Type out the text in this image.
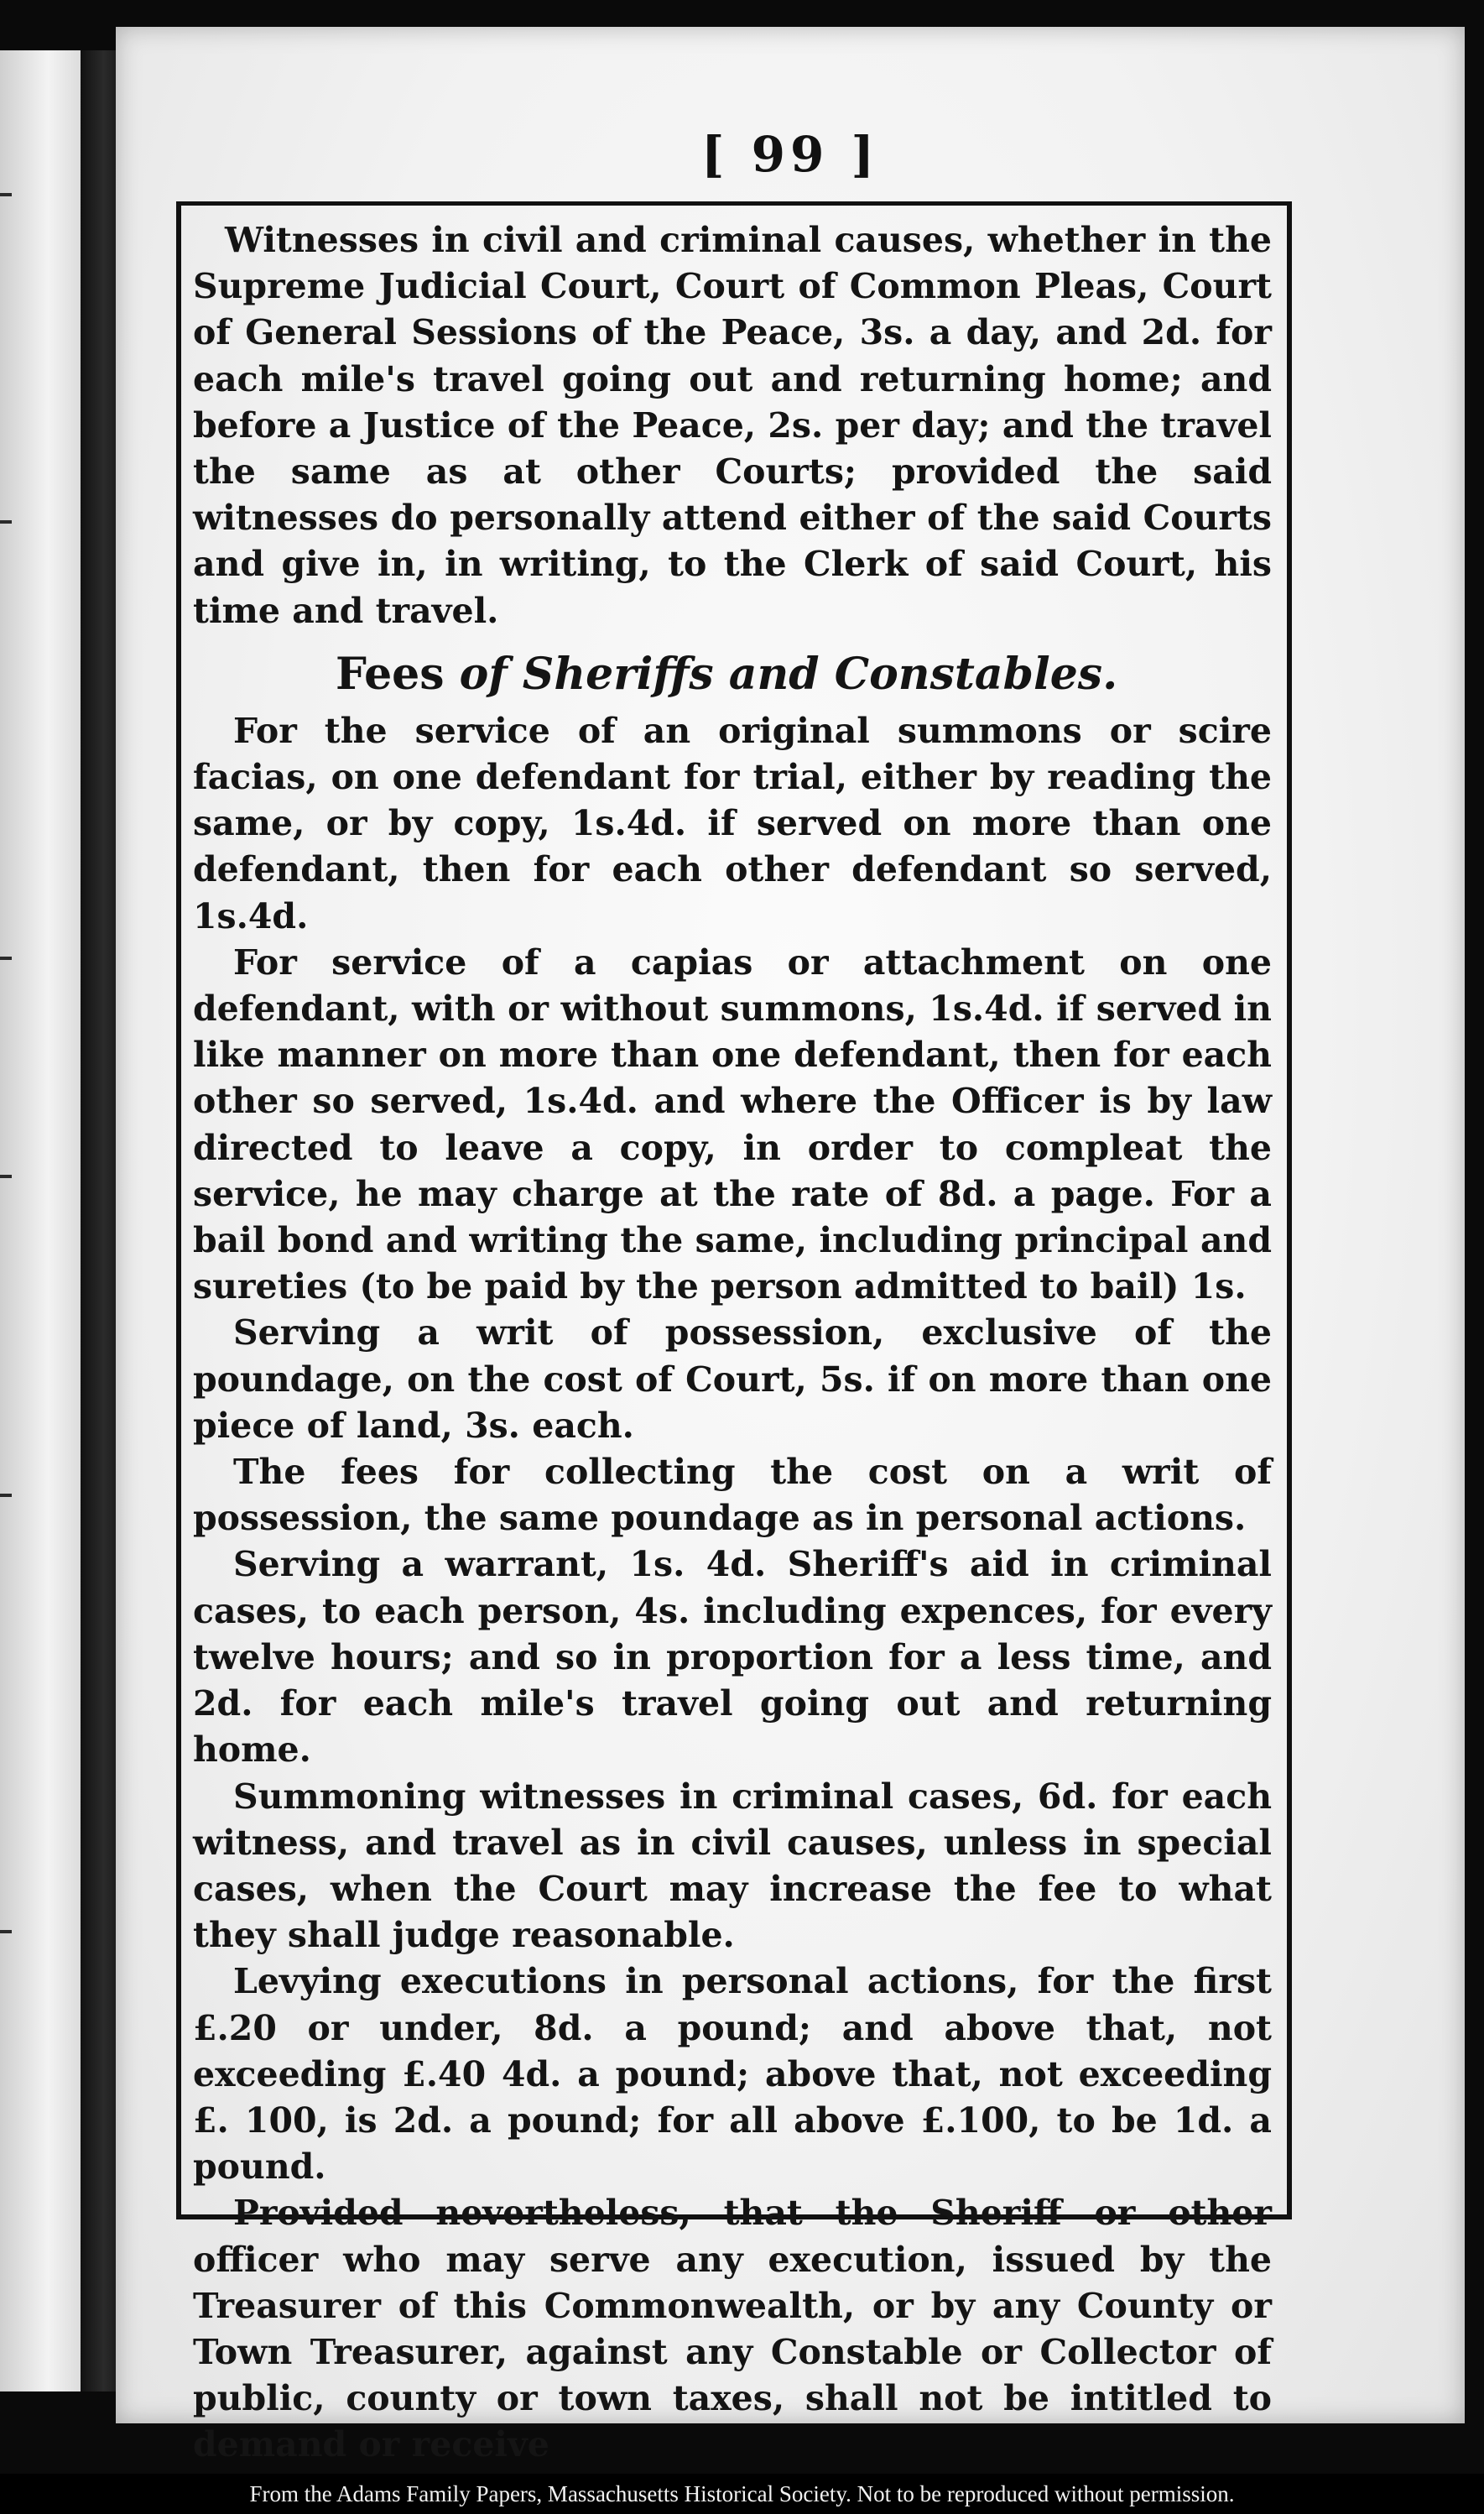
[ 99 ]

Witnesses in civil and criminal causes, whether in the Supreme Judicial Court, Court of Common Pleas, Court of General Sessions of the Peace, 3s. a day, and 2d. for each mile's travel going out and returning home; and before a Justice of the Peace, 2s. per day; and the travel the same as at other Courts; provided the said witnesses do personally attend either of the said Courts and give in, in writing, to the Clerk of said Court, his time and travel.

Fees of Sheriffs and Constables.

For the service of an original summons or scire facias, on one defendant for trial, either by reading the same, or by copy, 1s.4d. if served on more than one defendant, then for each other defendant so served, 1s.4d.

For service of a capias or attachment on one defendant, with or without summons, 1s.4d. if served in like manner on more than one defendant, then for each other so served, 1s.4d. and where the Officer is by law directed to leave a copy, in order to compleat the service, he may charge at the rate of 8d. a page. For a bail bond and writing the same, including principal and sureties (to be paid by the person admitted to bail) 1s.

Serving a writ of possession, exclusive of the poundage, on the cost of Court, 5s. if on more than one piece of land, 3s. each.

The fees for collecting the cost on a writ of possession, the same poundage as in personal actions.

Serving a warrant, 1s. 4d. Sheriff's aid in criminal cases, to each person, 4s. including expences, for every twelve hours; and so in proportion for a less time, and 2d. for each mile's travel going out and returning home.

Summoning witnesses in criminal cases, 6d. for each witness, and travel as in civil causes, unless in special cases, when the Court may increase the fee to what they shall judge reasonable.

Levying executions in personal actions, for the first £.20 or under, 8d. a pound; and above that, not exceeding £.40 4d. a pound; above that, not exceeding £. 100, is 2d. a pound; for all above £.100, to be 1d. a pound.

Provided nevertheless, that the Sheriff or other officer who may serve any execution, issued by the Treasurer of this Commonwealth, or by any County or Town Treasurer, against any Constable or Collector of public, county or town taxes, shall not be intitled to demand or receive

From the Adams Family Papers, Massachusetts Historical Society. Not to be reproduced without permission.
